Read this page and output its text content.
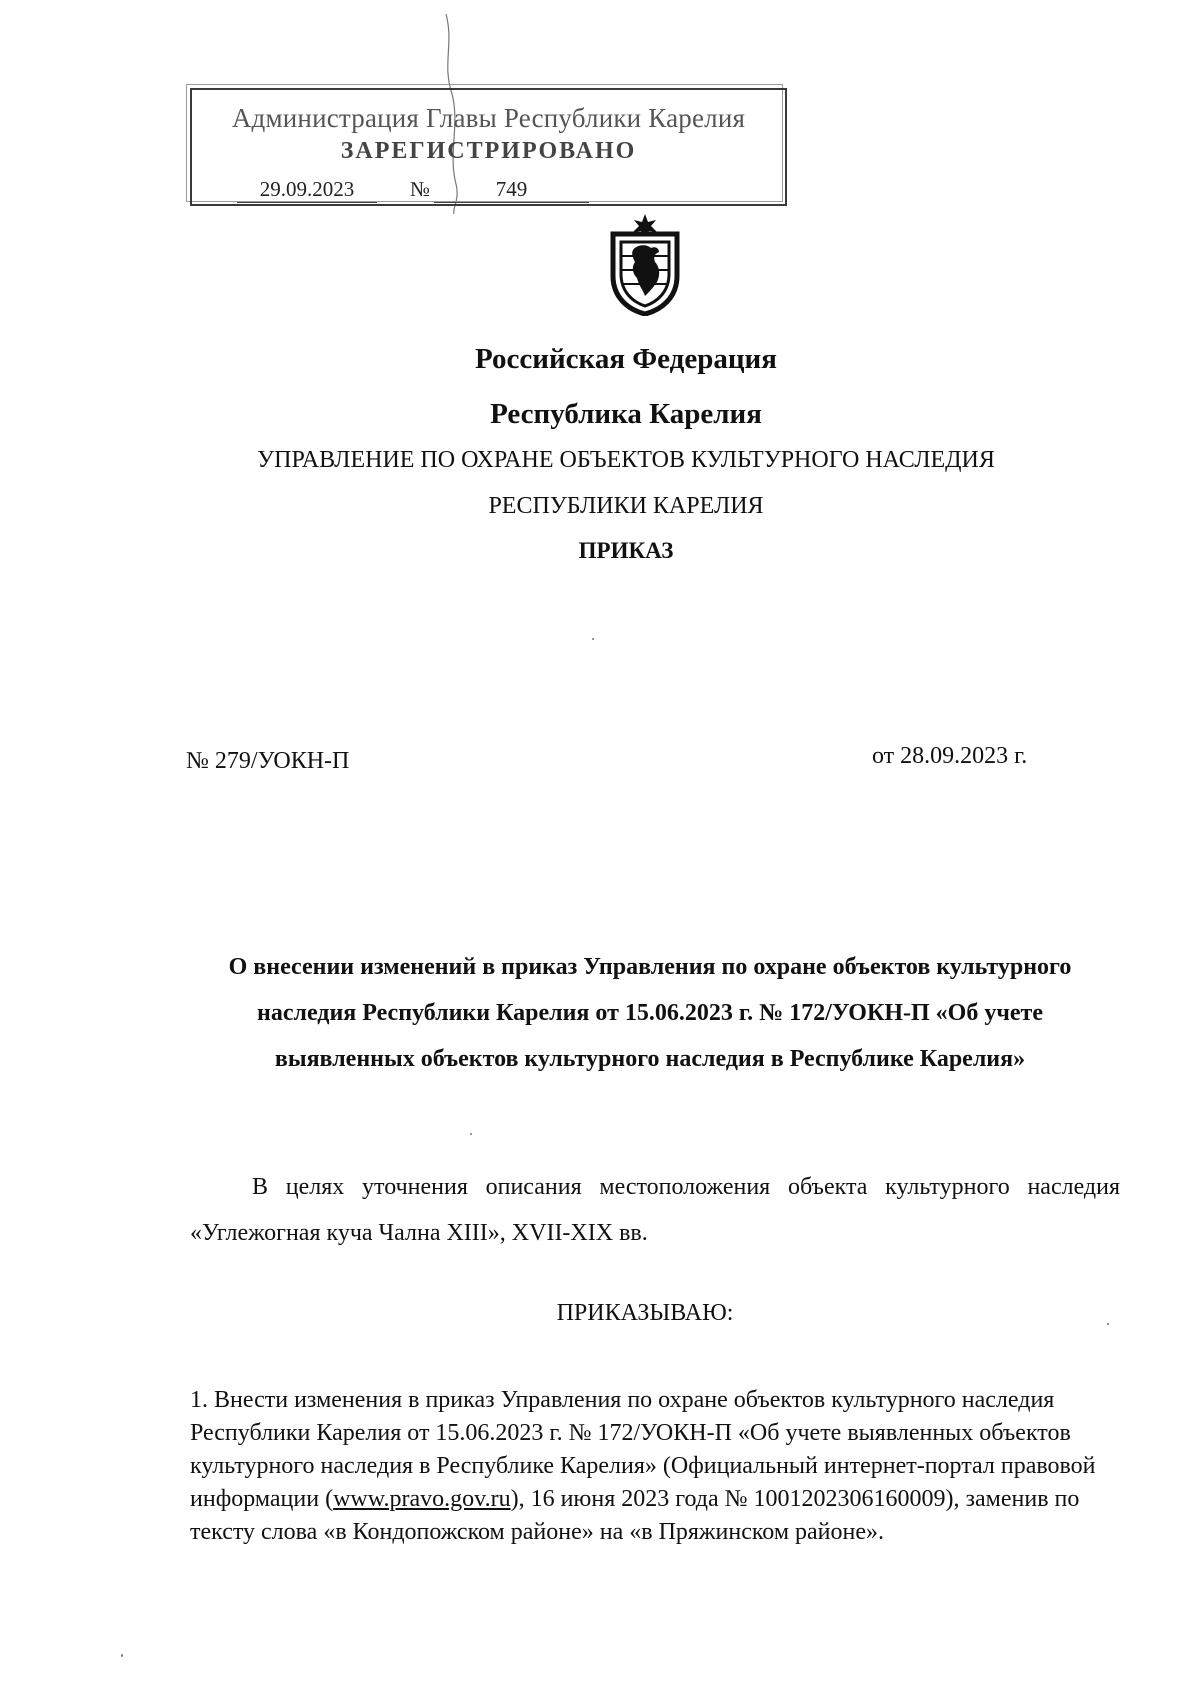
Администрация Главы Республики Карелия
ЗАРЕГИСТРИРОВАНО
29.09.2023	№	749
Российская Федерация
Республика Карелия
УПРАВЛЕНИЕ ПО ОХРАНЕ ОБЪЕКТОВ КУЛЬТУРНОГО НАСЛЕДИЯ
РЕСПУБЛИКИ КАРЕЛИЯ
ПРИКАЗ
№ 279/УОКН-П	от 28.09.2023 г.
О внесении изменений в приказ Управления по охране объектов культурного наследия Республики Карелия от 15.06.2023 г. № 172/УОКН-П «Об учете выявленных объектов культурного наследия в Республике Карелия»
В целях уточнения описания местоположения объекта культурного наследия «Углежогная куча Чална XIII», XVII-XIX вв.
ПРИКАЗЫВАЮ:
1. Внести изменения в приказ Управления по охране объектов культурного наследия Республики Карелия от 15.06.2023 г. № 172/УОКН-П «Об учете выявленных объектов культурного наследия в Республике Карелия» (Официальный интернет-портал правовой информации (www.pravo.gov.ru), 16 июня 2023 года № 1001202306160009), заменив по тексту слова «в Кондопожском районе» на «в Пряжинском районе».
